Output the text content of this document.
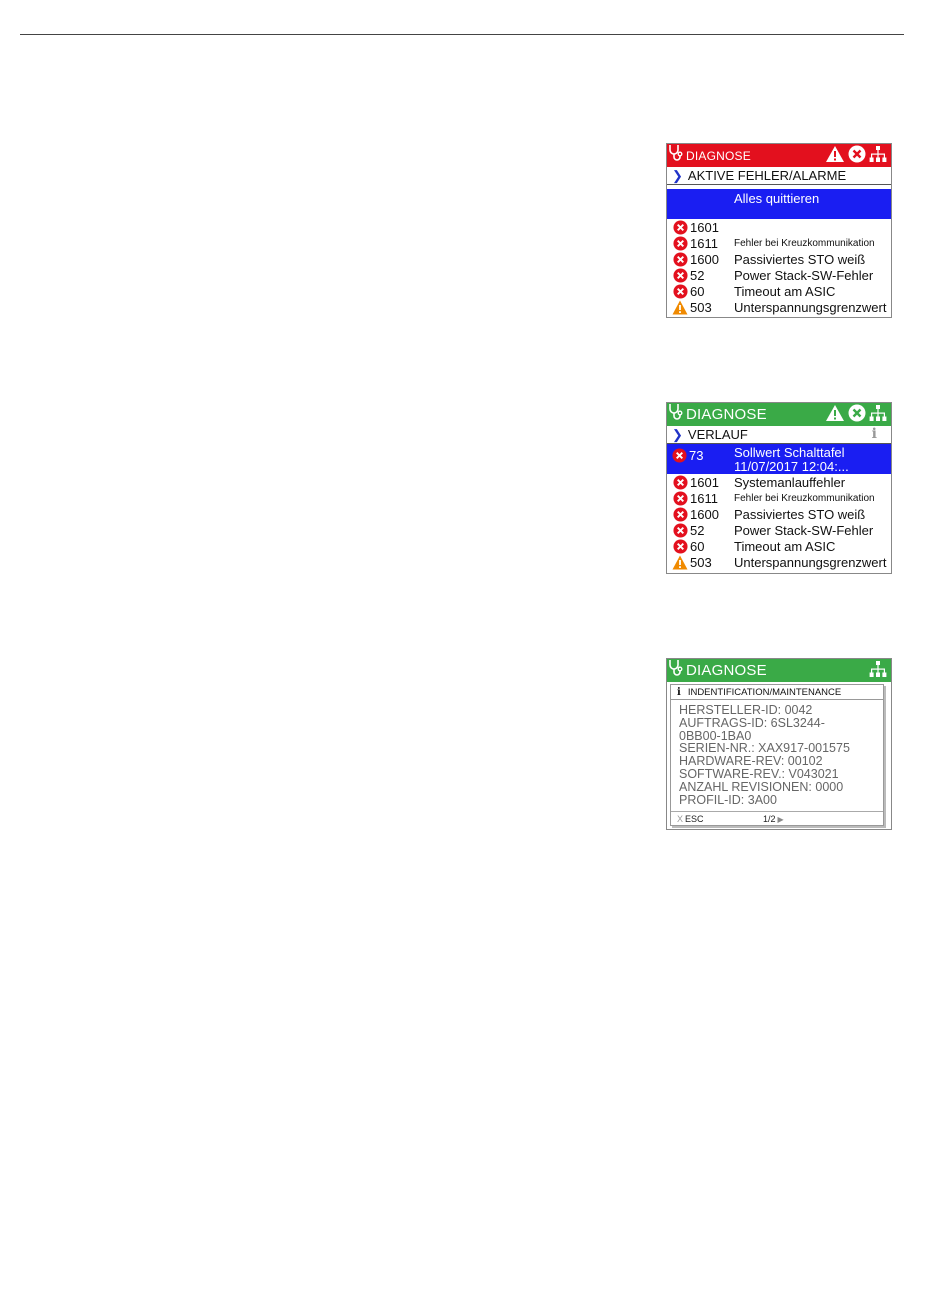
DIAGNOSE
❯ AKTIVE FEHLER/ALARME
Alles quittieren
1601
1611	Fehler bei Kreuzkommunikation
1600	Passiviertes STO weiß
52	Power Stack-SW-Fehler
60	Timeout am ASIC
503	Unterspannungsgrenzwert
DIAGNOSE
❯ VERLAUF	i
73 Sollwert Schalttafel
11/07/2017 12:04:...
1601	Systemanlauffehler
1611	Fehler bei Kreuzkommunikation
1600	Passiviertes STO weiß
52	Power Stack-SW-Fehler
60	Timeout am ASIC
503	Unterspannungsgrenzwert
DIAGNOSE
i INDENTIFICATION/MAINTENANCE
HERSTELLER-ID: 0042
AUFTRAGS-ID: 6SL3244-
0BB00-1BA0
SERIEN-NR.: XAX917-001575
HARDWARE-REV: 00102
SOFTWARE-REV.: V043021
ANZAHL REVISIONEN: 0000
PROFIL-ID: 3A00
X ESC	1/2 ▶
